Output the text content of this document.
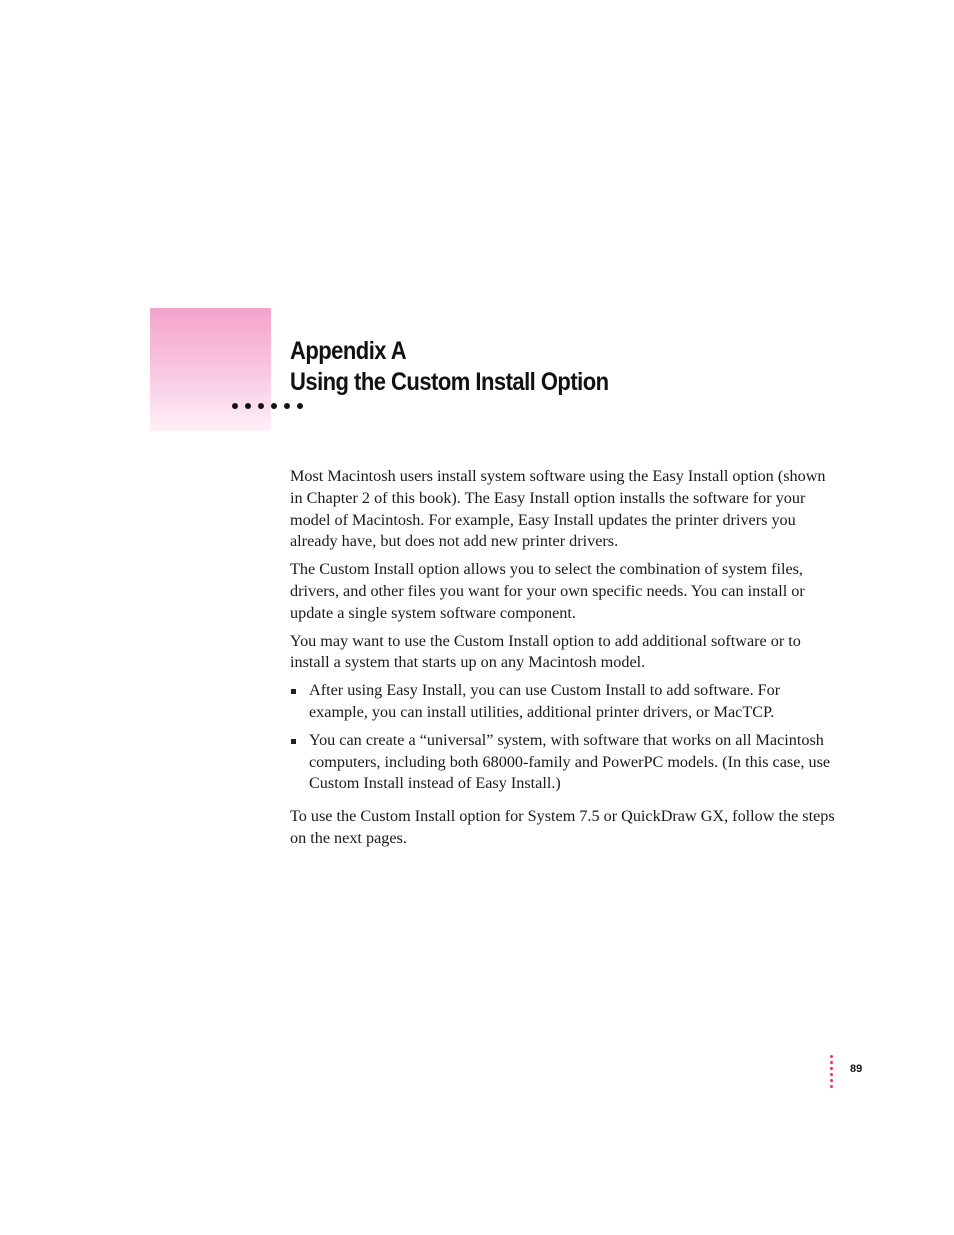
Appendix A
Using the Custom Install Option

Most Macintosh users install system software using the Easy Install option (shown in Chapter 2 of this book). The Easy Install option installs the software for your model of Macintosh. For example, Easy Install updates the printer drivers you already have, but does not add new printer drivers.

The Custom Install option allows you to select the combination of system files, drivers, and other files you want for your own specific needs. You can install or update a single system software component.

You may want to use the Custom Install option to add additional software or to install a system that starts up on any Macintosh model.

After using Easy Install, you can use Custom Install to add software. For example, you can install utilities, additional printer drivers, or MacTCP.
You can create a “universal” system, with software that works on all Macintosh computers, including both 68000-family and PowerPC models. (In this case, use Custom Install instead of Easy Install.)

To use the Custom Install option for System 7.5 or QuickDraw GX, follow the steps on the next pages.

89
